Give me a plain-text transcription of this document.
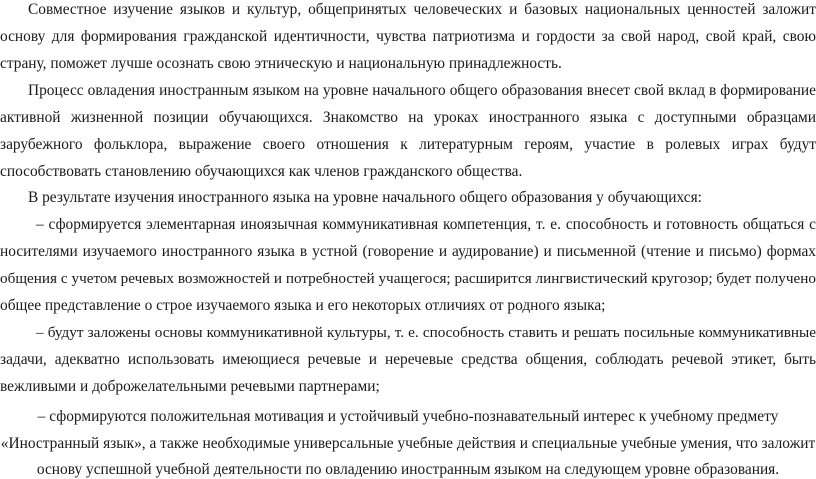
Совместное изучение языков и культур, общепринятых человеческих и базовых национальных ценностей заложит
основу для формирования гражданской идентичности, чувства патриотизма и гордости за свой народ, свой край, свою
страну, поможет лучше осознать свою этническую и национальную принадлежность.
Процесс овладения иностранным языком на уровне начального общего образования внесет свой вклад в формирование
активной жизненной позиции обучающихся. Знакомство на уроках иностранного языка с доступными образцами
зарубежного фольклора, выражение своего отношения к литературным героям, участие в ролевых играх будут
способствовать становлению обучающихся как членов гражданского общества.
В результате изучения иностранного языка на уровне начального общего образования у обучающихся:
– сформируется элементарная иноязычная коммуникативная компетенция, т. е. способность и готовность общаться с
носителями изучаемого иностранного языка в устной (говорение и аудирование) и письменной (чтение и письмо) формах
общения с учетом речевых возможностей и потребностей учащегося; расширится лингвистический кругозор; будет получено
общее представление о строе изучаемого языка и его некоторых отличиях от родного языка;
– будут заложены основы коммуникативной культуры, т. е. способность ставить и решать посильные коммуникативные
задачи, адекватно использовать имеющиеся речевые и неречевые средства общения, соблюдать речевой этикет, быть
вежливыми и доброжелательными речевыми партнерами;
– сформируются положительная мотивация и устойчивый учебно-познавательный интерес к учебному предмету
«Иностранный язык», а также необходимые универсальные учебные действия и специальные учебные умения, что заложит
основу успешной учебной деятельности по овладению иностранным языком на следующем уровне образования.
